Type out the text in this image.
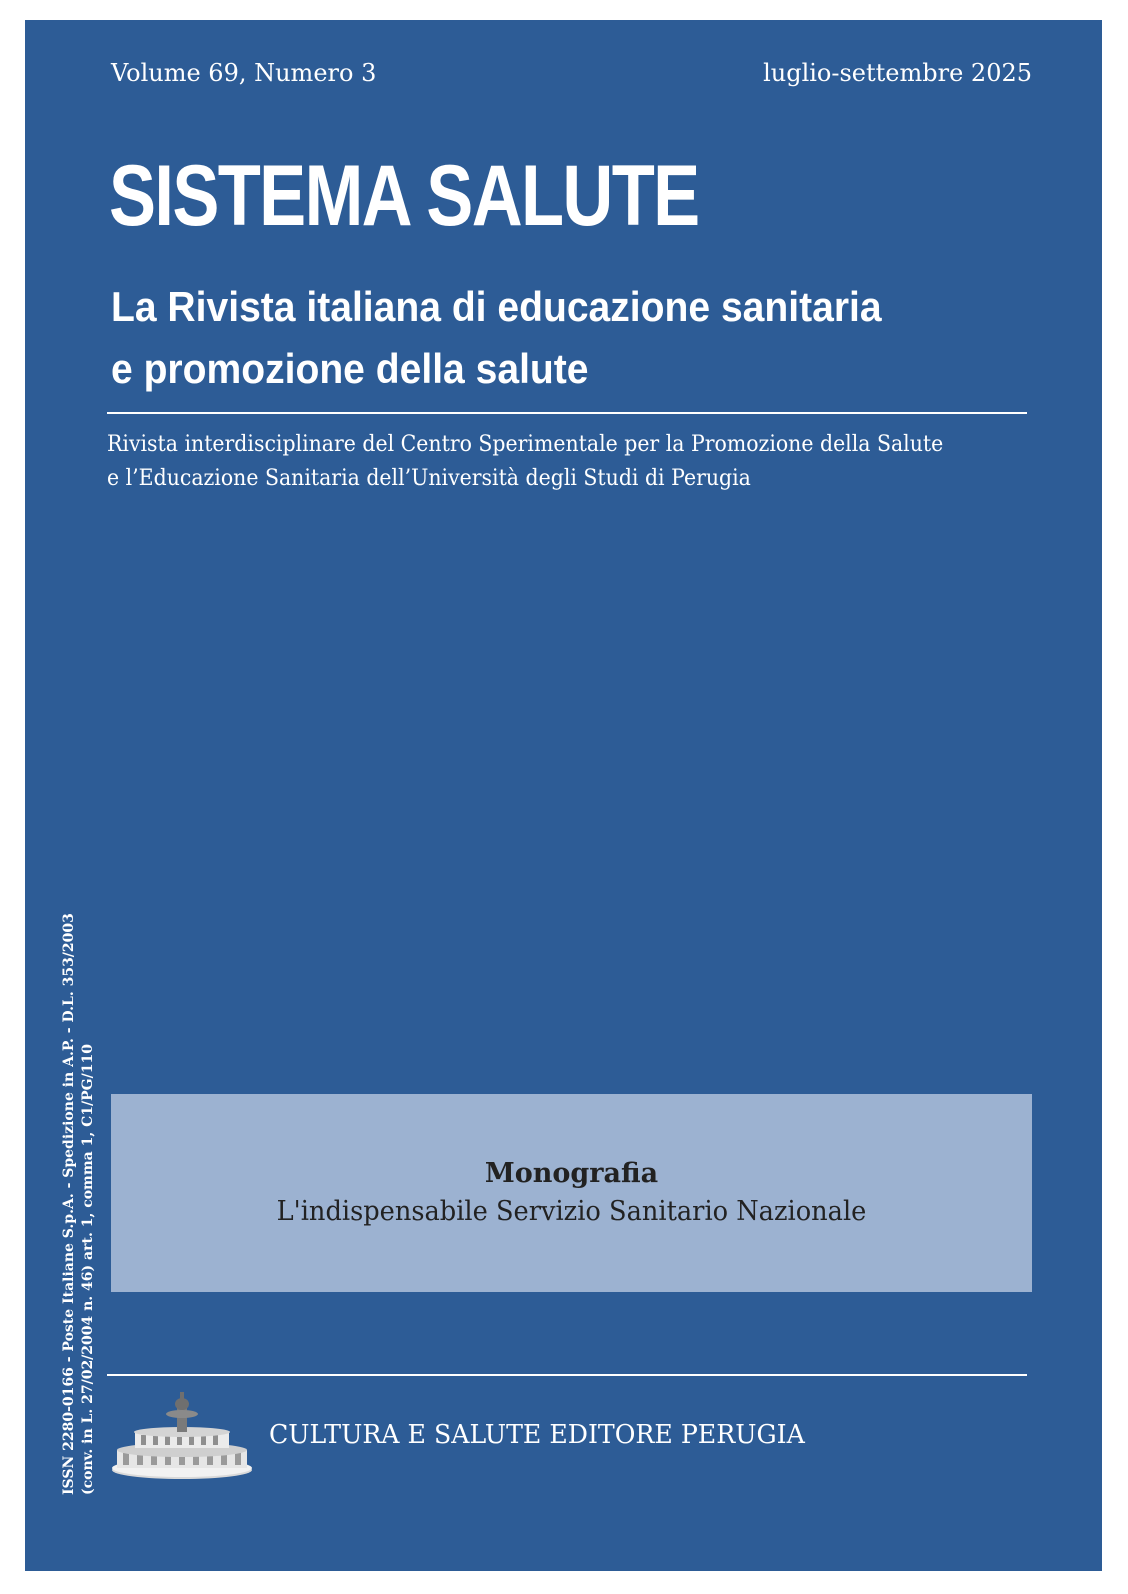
Volume 69, Numero 3	luglio-settembre 2025
SISTEMA SALUTE
La Rivista italiana di educazione sanitaria
e promozione della salute
Rivista interdisciplinare del Centro Sperimentale per la Promozione della Salute
e l’Educazione Sanitaria dell’Università degli Studi di Perugia
ISSN 2280-0166 - Poste Italiane S.p.A. - Spedizione in A.P. - D.L. 353/2003 (conv. in L. 27/02/2004 n. 46) art. 1, comma 1, C1/PG/110	Monografia
L'indispensabile Servizio Sanitario Nazionale
CULTURA E SALUTE EDITORE PERUGIA
